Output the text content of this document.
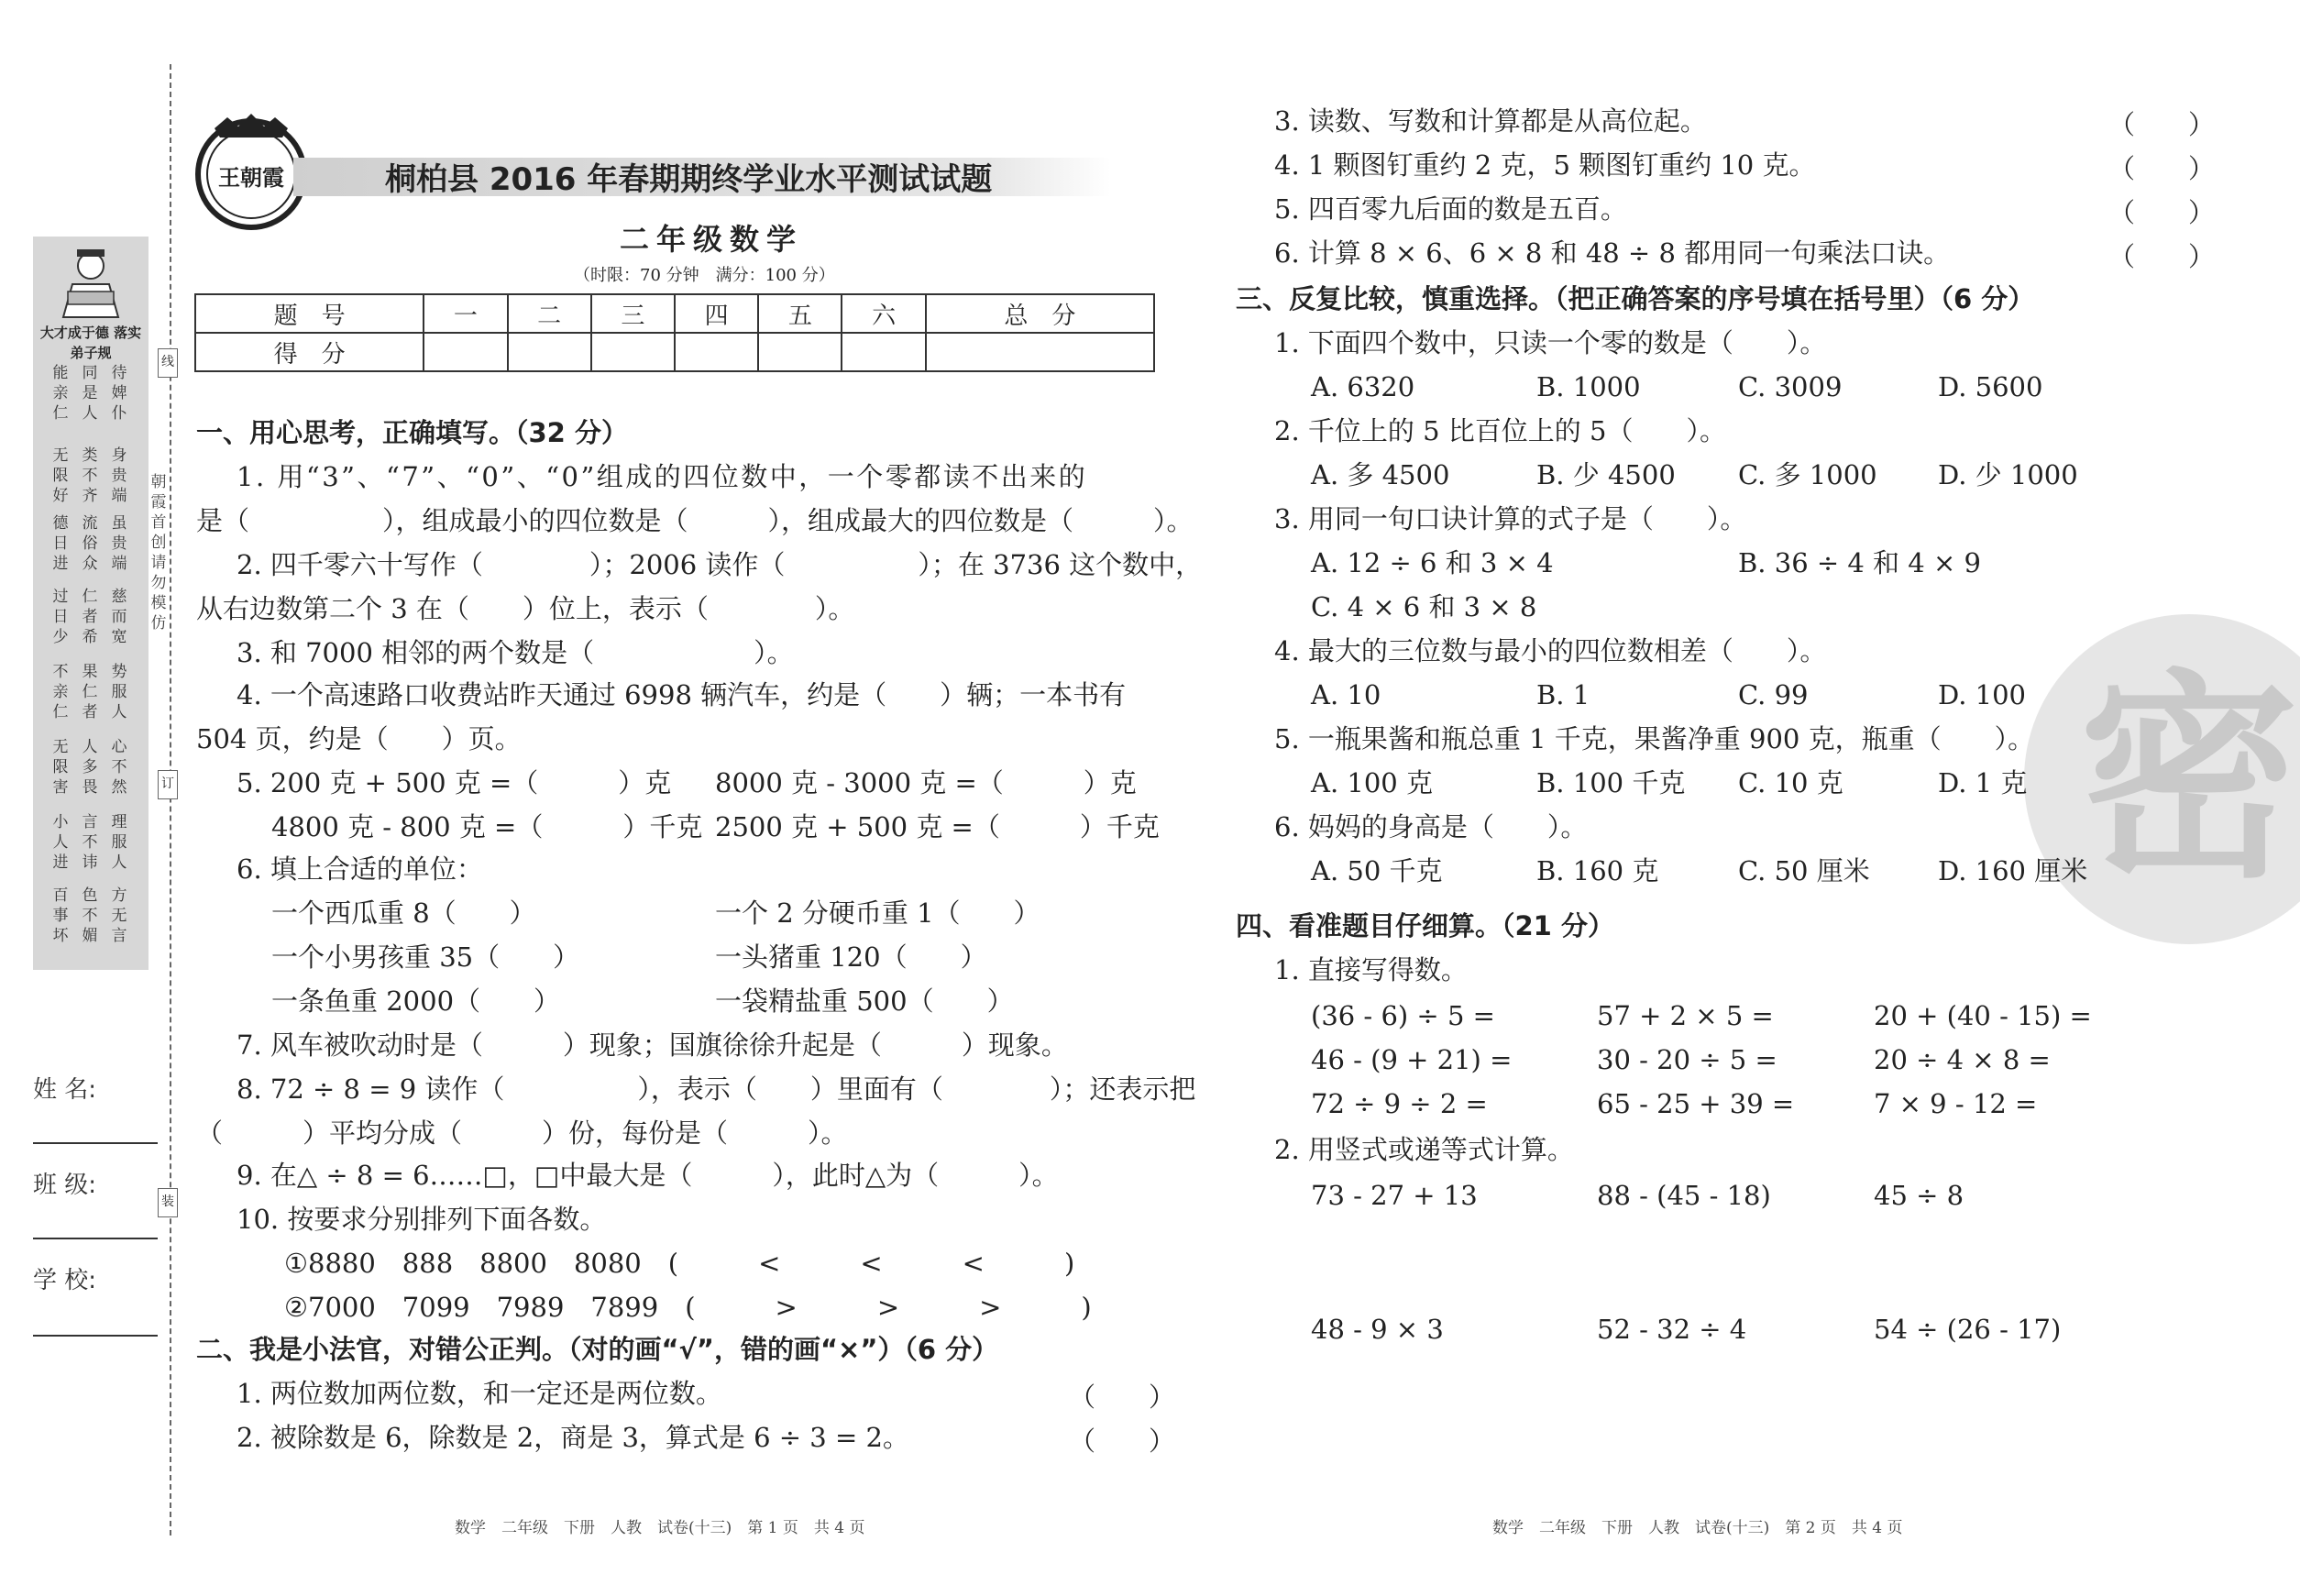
大才成于德 落实弟子规
能亲仁
同是人
待婢仆
无限好
类不齐
身贵端
德日进
流俗众
虽贵端
过日少
仁者希
慈而宽
不亲仁
果仁者
势服人
无限害
人多畏
心不然
小人进
言不讳
理服人
百事坏
色不媚
方无言
朝霞首创 请勿模仿
线
订
装
姓 名:
班 级:
学 校:
王朝霞	桐柏县 2016 年春期期终学业水平测试试题
二年级数学
（时限：70 分钟　满分：100 分）
题　号	一	二	三	四	五	六	总　分
得　分							
一、用心思考，正确填写。（32 分）
1. 用“3”、“7”、“0”、“0”组成的四位数中，一个零都读不出来的
是（　　　　　），组成最小的四位数是（　　　），组成最大的四位数是（　　　）。
2. 四千零六十写作（　　　　）；2006 读作（　　　　　）；在 3736 这个数中，
从右边数第二个 3 在（　　）位上，表示（　　　　）。
3. 和 7000 相邻的两个数是（　　　　　　）。
4. 一个高速路口收费站昨天通过 6998 辆汽车，约是（　　）辆；一本书有
504 页，约是（　　）页。
5. 200 克 + 500 克 =（　　　）克 8000 克 - 3000 克 =（　　　）克
4800 克 - 800 克 =（　　　）千克 2500 克 + 500 克 =（　　　）千克
6. 填上合适的单位：
一个西瓜重 8（　　）	一个 2 分硬币重 1（　　）
一个小男孩重 35（　　）	一头猪重 120（　　）
一条鱼重 2000（　　）	一袋精盐重 500（　　）
7. 风车被吹动时是（　　　）现象；国旗徐徐升起是（　　　）现象。
8. 72 ÷ 8 = 9 读作（　　　　　），表示（　　）里面有（　　　　）；还表示把
（　　　）平均分成（　　　）份，每份是（　　　）。
9. 在△ ÷ 8 = 6……□，□中最大是（　　　），此时△为（　　　）。
10. 按要求分别排列下面各数。
①8880　888　8800　8080　(　　　<　　　<　　　<　　　)
②7000　7099　7989　7899　(　　　>　　　>　　　>　　　)
二、我是小法官，对错公正判。（对的画“√”，错的画“×”）（6 分）
1. 两位数加两位数，和一定还是两位数。	（　　）
2. 被除数是 6，除数是 2，商是 3，算式是 6 ÷ 3 = 2。	（　　）
3. 读数、写数和计算都是从高位起。	（　　）
4. 1 颗图钉重约 2 克，5 颗图钉重约 10 克。	（　　）
5. 四百零九后面的数是五百。	（　　）
6. 计算 8 × 6、6 × 8 和 48 ÷ 8 都用同一句乘法口诀。	（　　）
密
三、反复比较，慎重选择。（把正确答案的序号填在括号里）（6 分）
1. 下面四个数中，只读一个零的数是（　　）。
A. 6320	B. 1000	C. 3009	D. 5600
2. 千位上的 5 比百位上的 5（　　）。
A. 多 4500	B. 少 4500 C. 多 1000 D. 少 1000
3. 用同一句口诀计算的式子是（　　）。
A. 12 ÷ 6 和 3 × 4	B. 36 ÷ 4 和 4 × 9
C. 4 × 6 和 3 × 8
4. 最大的三位数与最小的四位数相差（　　）。
A. 10	B. 1	C. 99	D. 100
5. 一瓶果酱和瓶总重 1 千克，果酱净重 900 克，瓶重（　　）。
A. 100 克	B. 100 千克 C. 10 克	D. 1 克
6. 妈妈的身高是（　　）。
A. 50 千克	B. 160 克	C. 50 厘米	D. 160 厘米
四、看准题目仔细算。（21 分）
1. 直接写得数。
(36 - 6) ÷ 5 =	57 + 2 × 5 =	20 + (40 - 15) =
46 - (9 + 21) =	30 - 20 ÷ 5 =	20 ÷ 4 × 8 =
72 ÷ 9 ÷ 2 =	65 - 25 + 39 =	7 × 9 - 12 =
2. 用竖式或递等式计算。
73 - 27 + 13	88 - (45 - 18)	45 ÷ 8
48 - 9 × 3	52 - 32 ÷ 4	54 ÷ (26 - 17)
数学　二年级　下册　人教　试卷(十三)　第 1 页　共 4 页	数学　二年级　下册　人教　试卷(十三)　第 2 页　共 4 页
